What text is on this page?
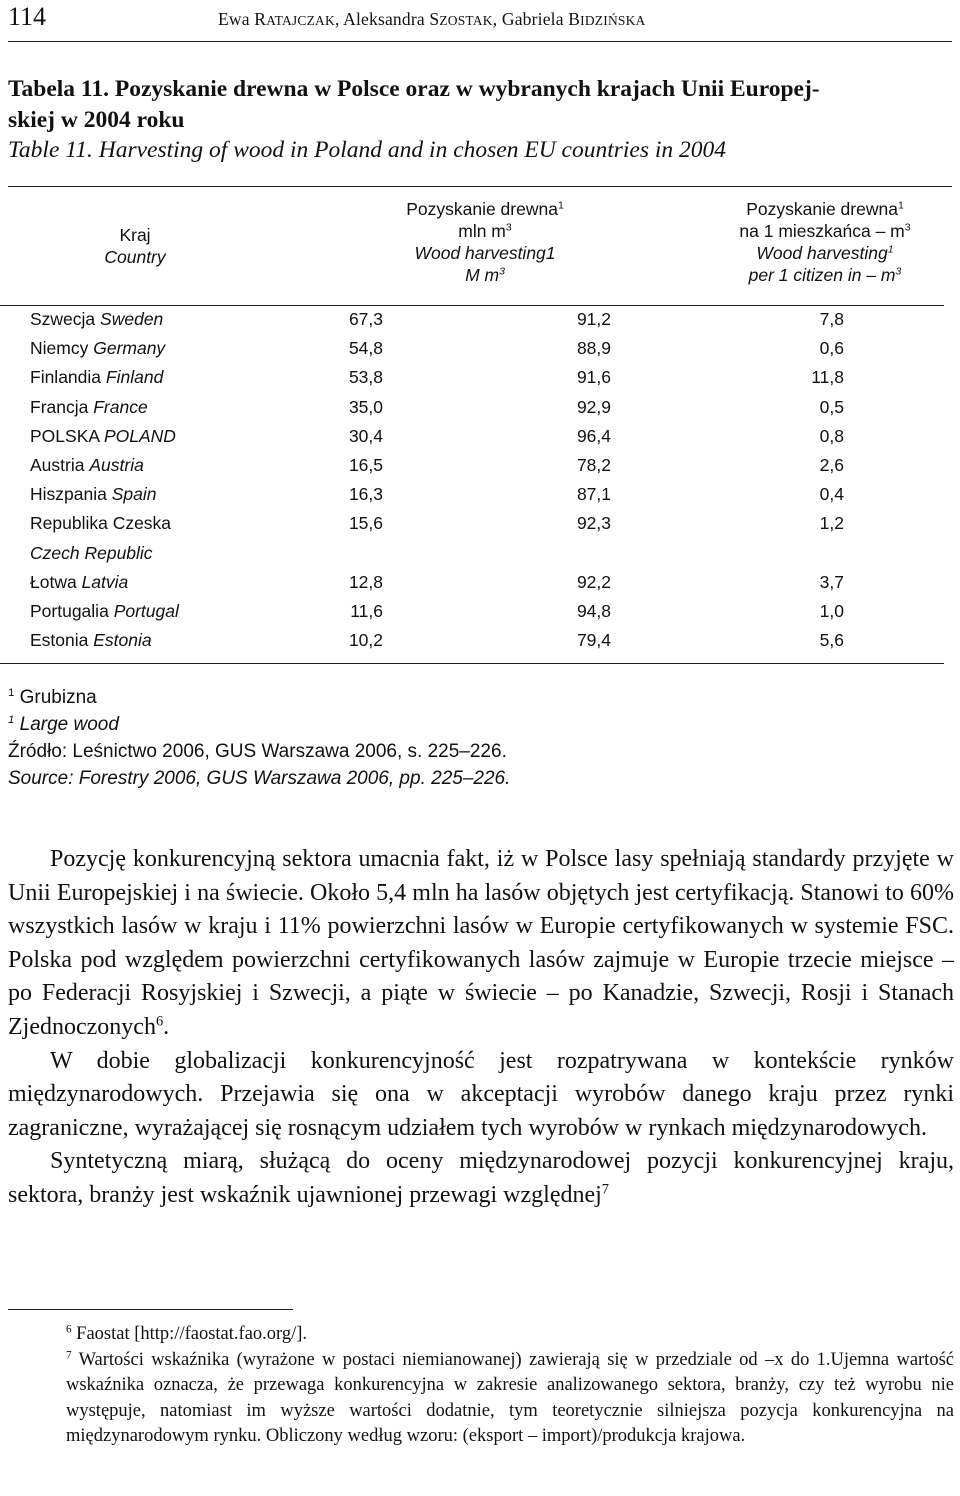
114	Ewa RATAJCZAK, Aleksandra SZOSTAK, Gabriela BIDZIŃSKA
Tabela 11. Pozyskanie drewna w Polsce oraz w wybranych krajach Unii Europej-
skiej w 2004 roku
Table 11. Harvesting of wood in Poland and in chosen EU countries in 2004
Kraj

Country
Pozyskanie drewna$^1$
mln $m^3$
Wood harvesting1
M $m^3$
Pozyskanie drewna$^1$
na 1 mieszkańca – $m^3$
Wood harvesting$^1$
per 1 citizen in – $m^3$
Szwecja Sweden	67,3	91,2	7,8
Niemcy Germany	54,8	88,9	0,6
Finlandia Finland	53,8	91,6	11,8
Francja France	35,0	92,9	0,5
POLSKA POLAND	30,4	96,4	0,8
Austria Austria	16,5	78,2	2,6
Hiszpania Spain	16,3	87,1	0,4
Republika Czeska	15,6	92,3	1,2
Czech Republic
Łotwa Latvia	12,8	92,2	3,7
Portugalia Portugal	11,6	94,8	1,0
Estonia Estonia	10,2	79,4	5,6
$^1$ Grubizna
$^1$ Large wood
Źródło: Leśnictwo 2006, GUS Warszawa 2006, s. 225–226.
Source: Forestry 2006, GUS Warszawa 2006, pp. 225–226.

Pozycję konkurencyjną sektora umacnia fakt, iż w Polsce lasy spełniają standardy przyjęte w Unii Europejskiej i na świecie. Około 5,4 mln ha lasów objętych jest certyfikacją. Stanowi to 60% wszystkich lasów w kraju i 11% powierzchni lasów w Europie certyfikowanych w systemie FSC. Polska pod względem powierzchni certyfikowanych lasów zajmuje w Europie trzecie miejsce – po Federacji Rosyjskiej i Szwecji, a piąte w świecie – po Kanadzie, Szwecji, Rosji i Stanach Zjednoczonych$^6$.

W dobie globalizacji konkurencyjność jest rozpatrywana w kontekście rynków międzynarodowych. Przejawia się ona w akceptacji wyrobów danego kraju przez rynki zagraniczne, wyrażającej się rosnącym udziałem tych wyrobów w rynkach międzynarodowych.

Syntetyczną miarą, służącą do oceny międzynarodowej pozycji konkurencyjnej kraju, sektora, branży jest wskaźnik ujawnionej przewagi względnej$^7$

$^6$ Faostat [http://faostat.fao.org/].

$^7$ Wartości wskaźnika (wyrażone w postaci niemianowanej) zawierają się w przedziale od –x do 1.Ujemna wartość wskaźnika oznacza, że przewaga konkurencyjna w zakresie analizowanego sektora, branży, czy też wyrobu nie występuje, natomiast im wyższe wartości dodatnie, tym teoretycznie silniejsza pozycja konkurencyjna na międzynarodowym rynku. Obliczony według wzoru: (eksport – import)/produkcja krajowa.
